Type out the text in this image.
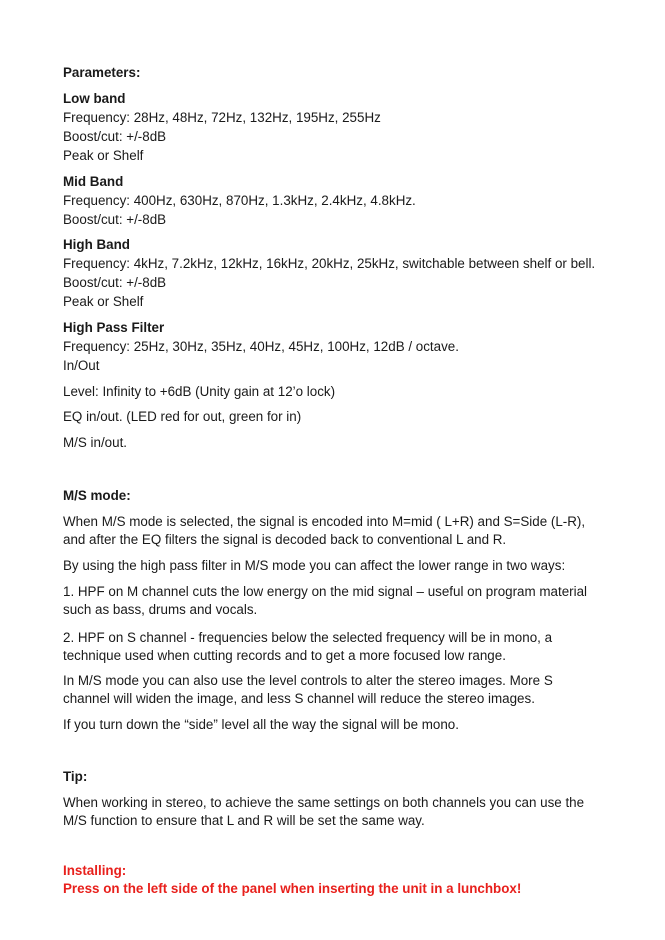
Parameters:
Low band
Frequency: 28Hz, 48Hz, 72Hz, 132Hz, 195Hz, 255Hz
Boost/cut: +/-8dB
Peak or Shelf
Mid Band
Frequency: 400Hz, 630Hz, 870Hz, 1.3kHz, 2.4kHz, 4.8kHz.
Boost/cut: +/-8dB
High Band
Frequency: 4kHz, 7.2kHz, 12kHz, 16kHz, 20kHz, 25kHz, switchable between shelf or bell.
Boost/cut: +/-8dB
Peak or Shelf
High Pass Filter
Frequency: 25Hz, 30Hz, 35Hz, 40Hz, 45Hz, 100Hz, 12dB / octave.
In/Out
Level: Infinity to +6dB (Unity gain at 12’o lock)
EQ in/out. (LED red for out, green for in)
M/S in/out.
M/S mode:
When M/S mode is selected, the signal is encoded into M=mid ( L+R) and S=Side (L-R),
and after the EQ filters the signal is decoded back to conventional L and R.
By using the high pass filter in M/S mode you can affect the lower range in two ways:
1. HPF on M channel cuts the low energy on the mid signal – useful on program material
such as bass, drums and vocals.
2. HPF on S channel - frequencies below the selected frequency will be in mono, a
technique used when cutting records and to get a more focused low range.
In M/S mode you can also use the level controls to alter the stereo images. More S
channel will widen the image, and less S channel will reduce the stereo images.
If you turn down the “side” level all the way the signal will be mono.
Tip:
When working in stereo, to achieve the same settings on both channels you can use the
M/S function to ensure that L and R will be set the same way.
Installing:
Press on the left side of the panel when inserting the unit in a lunchbox!
